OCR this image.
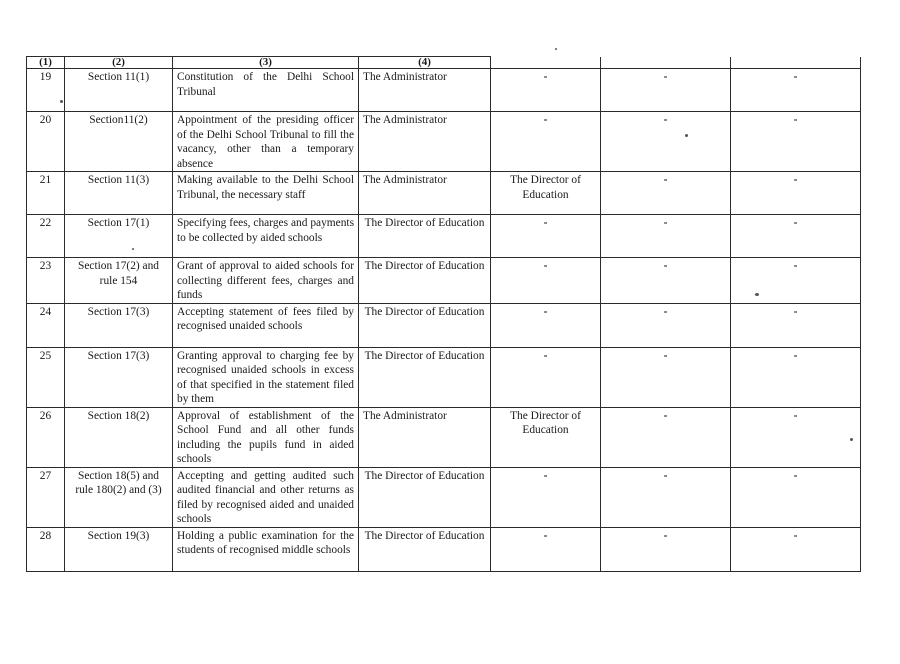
(1)	(2)	(3)	(4)			
19	Section 11(1)	Constitution of the Delhi School Tribunal	The Administrator	-	-	-
20	Section11(2)	Appointment of the presiding officer of the Delhi School Tribunal to fill the vacancy, other than a temporary absence	The Administrator	-	-	-
21	Section 11(3)	Making available to the Delhi School Tribunal, the necessary staff	The Administrator	The Director of Education	-	-
22	Section 17(1)	Specifying fees, charges and payments to be collected by aided schools	The Director of Education	-	-	-
23	Section 17(2) and rule 154	Grant of approval to aided schools for collecting different fees, charges and funds	The Director of Education	-	-	-
24	Section 17(3)	Accepting statement of fees filed by recognised unaided schools	The Director of Education	-	-	-
25	Section 17(3)	Granting approval to charging fee by recognised unaided schools in excess of that specified in the statement filed by them	The Director of Education	-	-	-
26	Section 18(2)	Approval of establishment of the School Fund and all other funds including the pupils fund in aided schools	The Administrator	The Director of Education	-	-
27	Section 18(5) and rule 180(2) and (3)	Accepting and getting audited such audited financial and other returns as filed by recognised aided and unaided schools	The Director of Education	-	-	-
28	Section 19(3)	Holding a public examination for the students of recognised middle schools	The Director of Education	-	-	-
